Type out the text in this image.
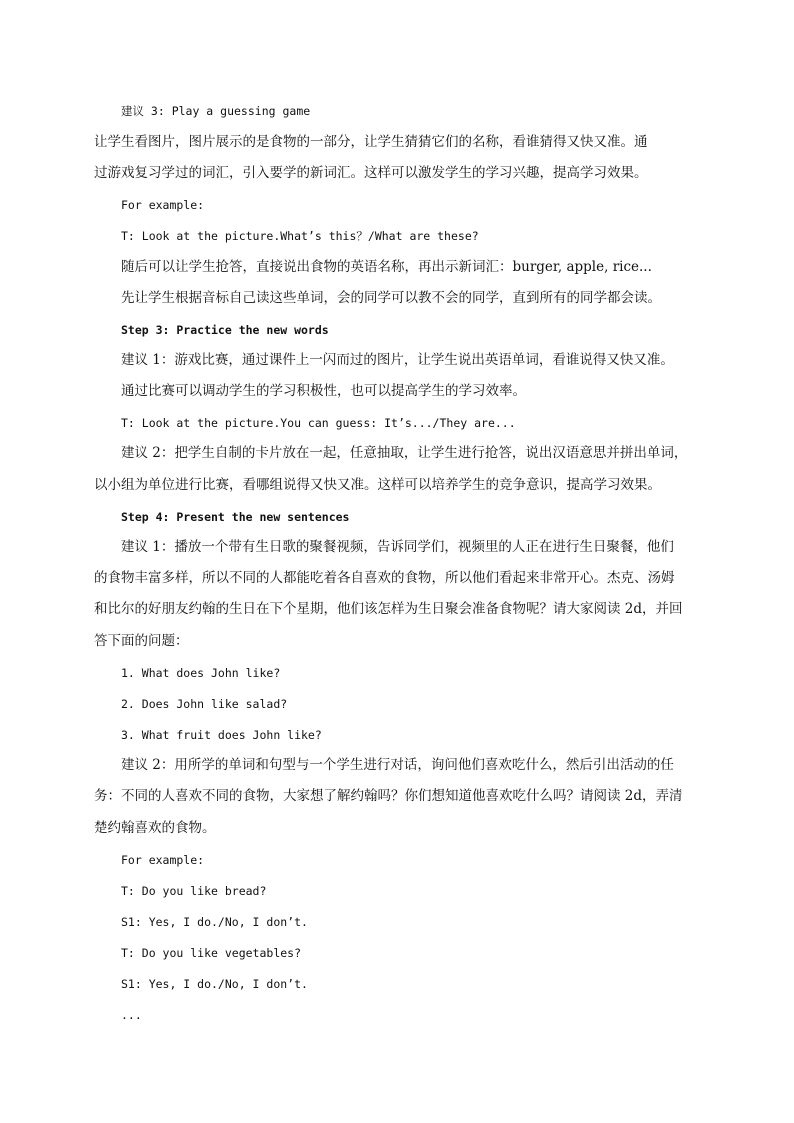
建议 3: Play a guessing game
让学生看图片，图片展示的是食物的一部分，让学生猜猜它们的名称，看谁猜得又快又准。通
过游戏复习学过的词汇，引入要学的新词汇。这样可以激发学生的学习兴趣，提高学习效果。
For example:
T: Look at the picture.What’s this？/What are these?
随后可以让学生抢答，直接说出食物的英语名称，再出示新词汇：burger, apple, rice...
先让学生根据音标自己读这些单词，会的同学可以教不会的同学，直到所有的同学都会读。
Step 3: Practice the new words
建议 1：游戏比赛，通过课件上一闪而过的图片，让学生说出英语单词，看谁说得又快又准。
通过比赛可以调动学生的学习积极性，也可以提高学生的学习效率。
T: Look at the picture.You can guess: It’s.../They are...
建议 2：把学生自制的卡片放在一起，任意抽取，让学生进行抢答，说出汉语意思并拼出单词，
以小组为单位进行比赛，看哪组说得又快又准。这样可以培养学生的竞争意识，提高学习效果。
Step 4: Present the new sentences
建议 1：播放一个带有生日歌的聚餐视频，告诉同学们，视频里的人正在进行生日聚餐，他们
的食物丰富多样，所以不同的人都能吃着各自喜欢的食物，所以他们看起来非常开心。杰克、汤姆
和比尔的好朋友约翰的生日在下个星期，他们该怎样为生日聚会准备食物呢？请大家阅读 2d，并回
答下面的问题：
1. What does John like?
2. Does John like salad?
3. What fruit does John like?
建议 2：用所学的单词和句型与一个学生进行对话，询问他们喜欢吃什么，然后引出活动的任
务：不同的人喜欢不同的食物，大家想了解约翰吗？你们想知道他喜欢吃什么吗？请阅读 2d，弄清
楚约翰喜欢的食物。
For example:
T: Do you like bread?
S1: Yes, I do./No, I don’t.
T: Do you like vegetables?
S1: Yes, I do./No, I don’t.
...
